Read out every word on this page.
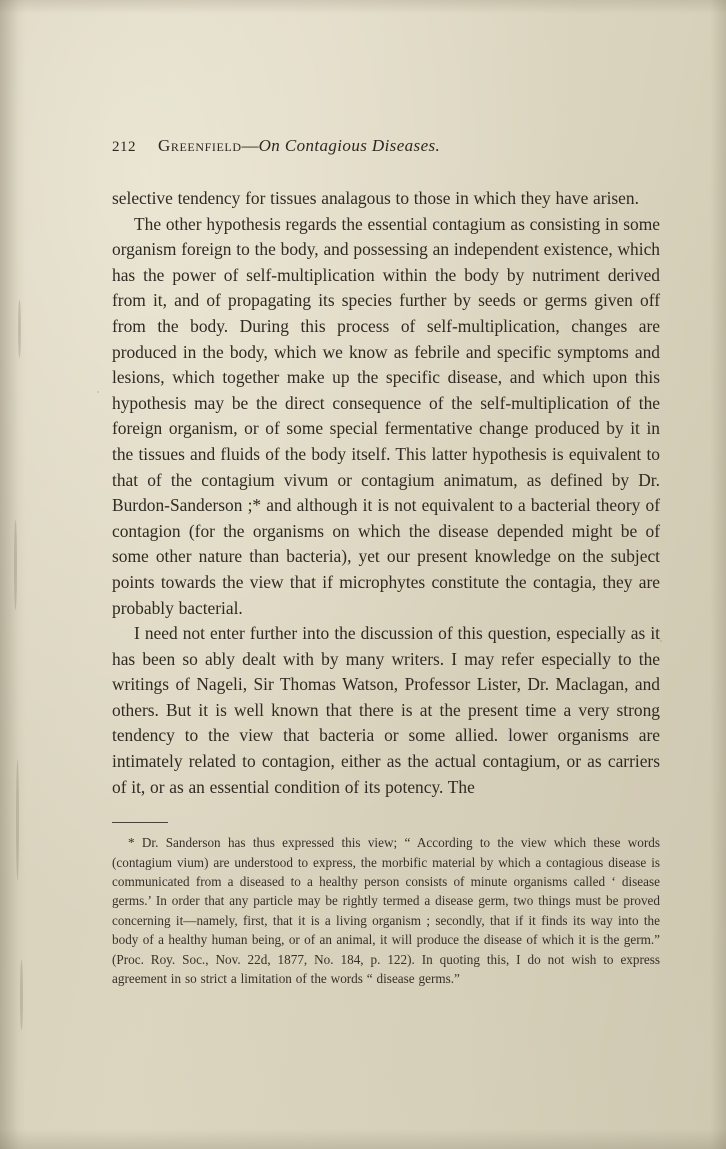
212	Greenfield—On Contagious Diseases.

selective tendency for tissues analagous to those in which they have arisen.

The other hypothesis regards the essential contagium as consisting in some organism foreign to the body, and possessing an independent existence, which has the power of self-multiplication within the body by nutriment derived from it, and of propagating its species further by seeds or germs given off from the body. During this process of self-multiplication, changes are produced in the body, which we know as febrile and specific symptoms and lesions, which together make up the specific disease, and which upon this hypothesis may be the direct consequence of the self-multiplication of the foreign organism, or of some special fermentative change produced by it in the tissues and fluids of the body itself. This latter hypothesis is equivalent to that of the contagium vivum or contagium animatum, as defined by Dr. Burdon-Sanderson ;* and although it is not equivalent to a bacterial theory of contagion (for the organisms on which the disease depended might be of some other nature than bacteria), yet our present knowledge on the subject points towards the view that if microphytes constitute the contagia, they are probably bacterial.

I need not enter further into the discussion of this question, especially as it has been so ably dealt with by many writers. I may refer especially to the writings of Nageli, Sir Thomas Watson, Professor Lister, Dr. Maclagan, and others. But it is well known that there is at the present time a very strong tendency to the view that bacteria or some allied. lower organisms are intimately related to contagion, either as the actual contagium, or as carriers of it, or as an essential condition of its potency. The

* Dr. Sanderson has thus expressed this view; “ According to the view which these words (contagium vium) are understood to express, the morbific material by which a contagious disease is communicated from a diseased to a healthy person consists of minute organisms called ‘ disease germs.’ In order that any particle may be rightly termed a disease germ, two things must be proved concerning it—namely, first, that it is a living organism ; secondly, that if it finds its way into the body of a healthy human being, or of an animal, it will produce the disease of which it is the germ.” (Proc. Roy. Soc., Nov. 22d, 1877, No. 184, p. 122). In quoting this, I do not wish to express agreement in so strict a limitation of the words “ disease germs.”
